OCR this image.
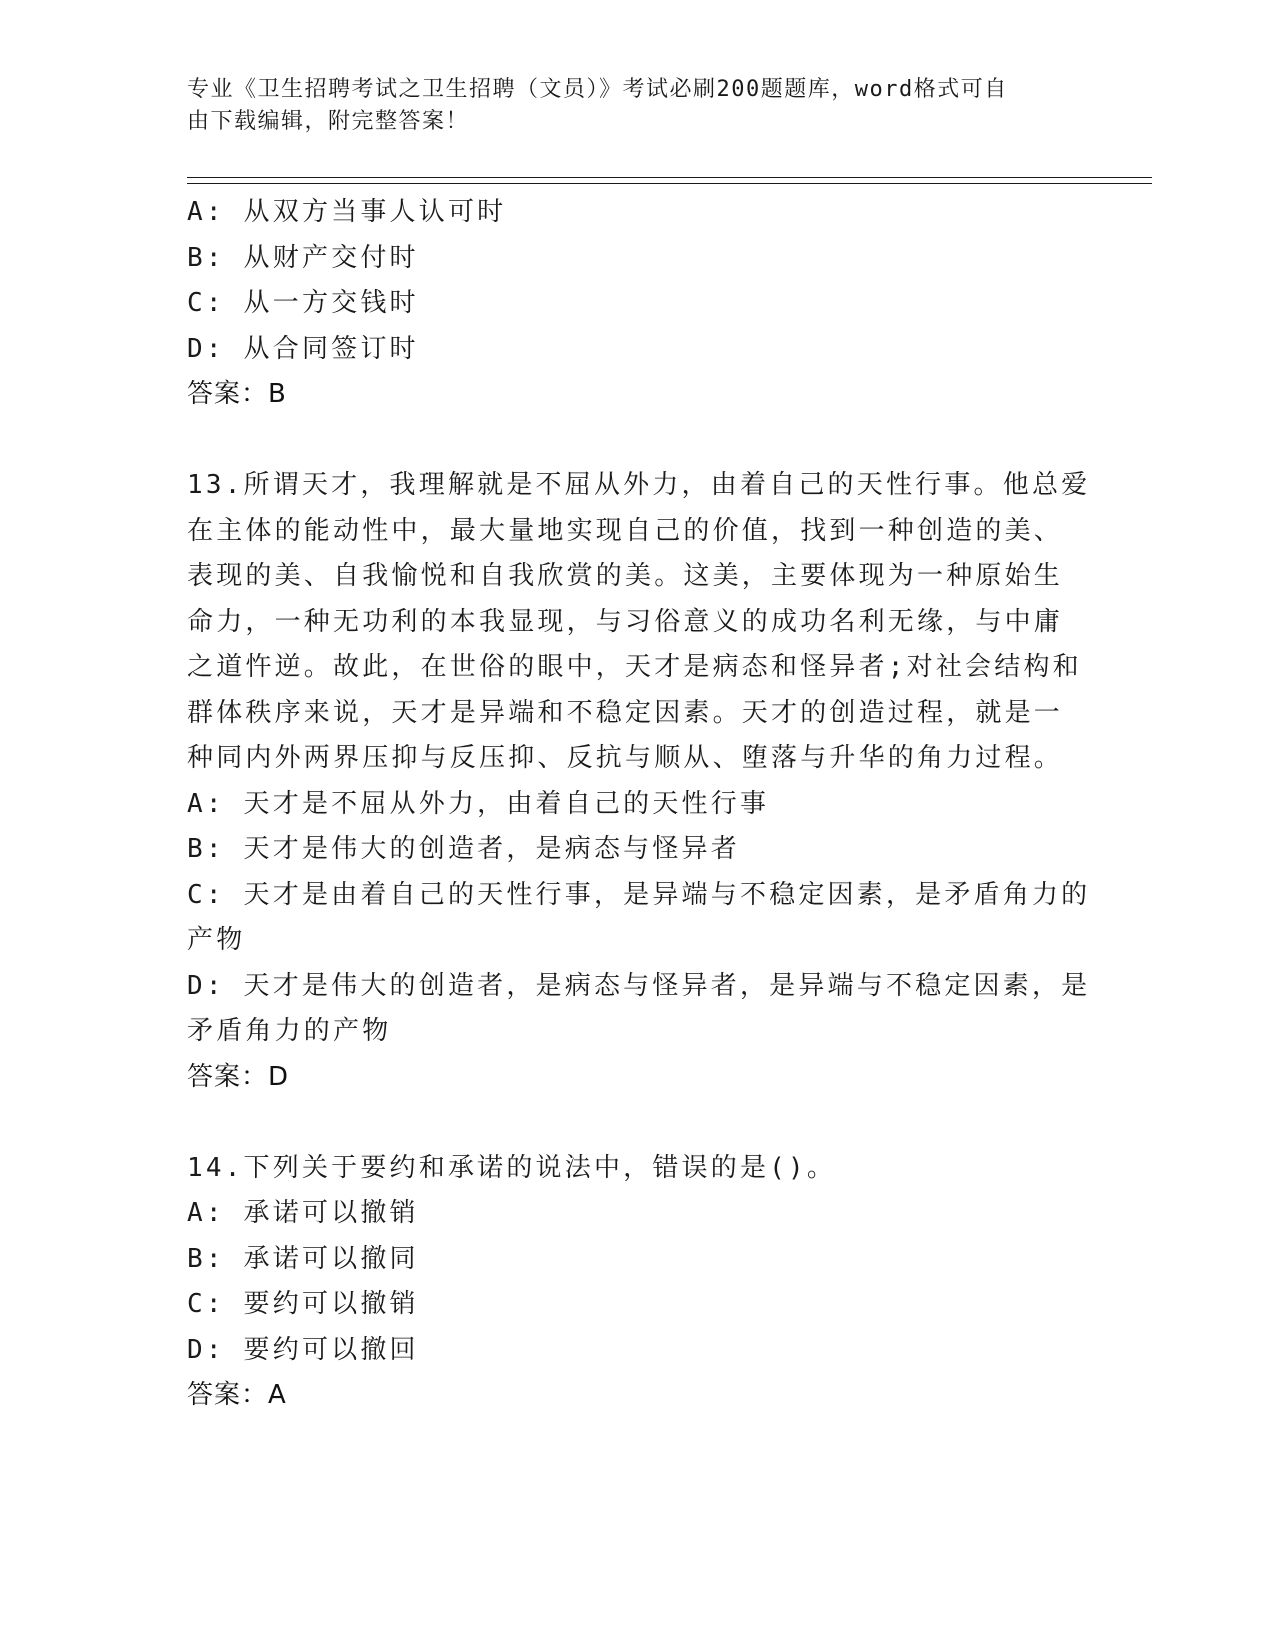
专业《卫生招聘考试之卫生招聘（文员）》考试必刷200题题库，word格式可自
由下载编辑，附完整答案！
A: 从双方当事人认可时
B: 从财产交付时
C: 从一方交钱时
D: 从合同签订时
答案：B
13.所谓天才，我理解就是不屈从外力，由着自己的天性行事。他总爱
在主体的能动性中，最大量地实现自己的价值，找到一种创造的美、
表现的美、自我愉悦和自我欣赏的美。这美，主要体现为一种原始生
命力，一种无功利的本我显现，与习俗意义的成功名利无缘，与中庸
之道忤逆。故此，在世俗的眼中，天才是病态和怪异者;对社会结构和
群体秩序来说，天才是异端和不稳定因素。天才的创造过程，就是一
种同内外两界压抑与反压抑、反抗与顺从、堕落与升华的角力过程。
A: 天才是不屈从外力，由着自己的天性行事
B: 天才是伟大的创造者，是病态与怪异者
C: 天才是由着自己的天性行事，是异端与不稳定因素，是矛盾角力的
产物
D: 天才是伟大的创造者，是病态与怪异者，是异端与不稳定因素，是
矛盾角力的产物
答案：D
14.下列关于要约和承诺的说法中，错误的是()。
A: 承诺可以撤销
B: 承诺可以撤同
C: 要约可以撤销
D: 要约可以撤回
答案：A
